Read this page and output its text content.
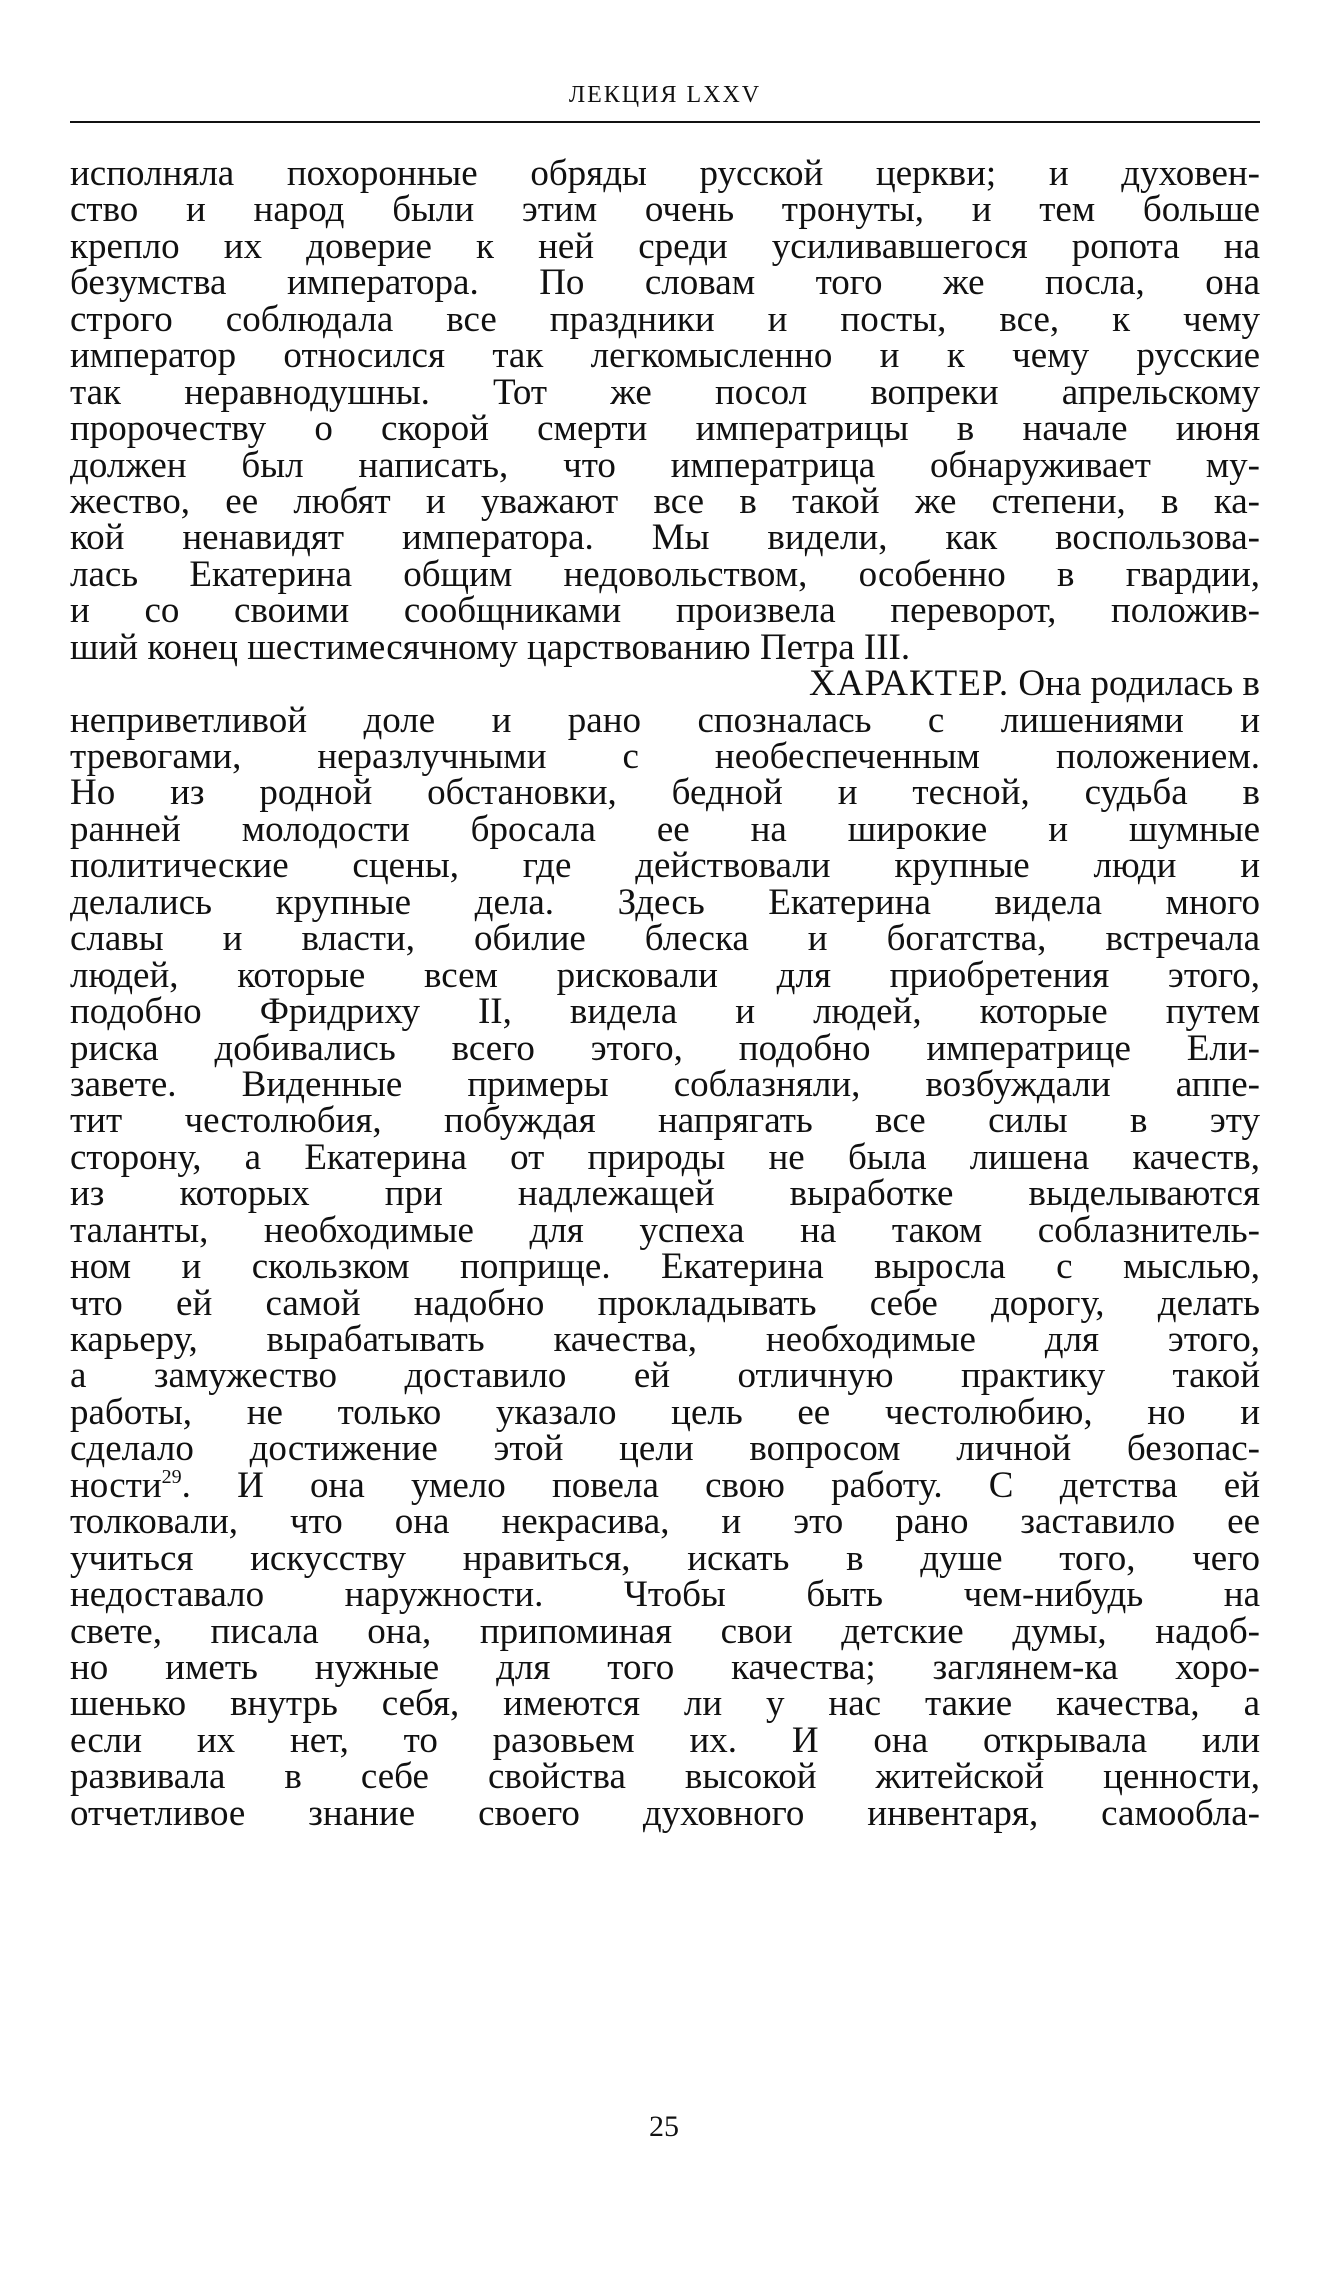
ЛЕКЦИЯ LXXV
исполняла похоронные обряды русской церкви; и духовен-
ство и народ были этим очень тронуты, и тем больше
крепло их доверие к ней среди усиливавшегося ропота на
безумства императора. По словам того же посла, она
строго соблюдала все праздники и посты, все, к чему
император относился так легкомысленно и к чему русские
так неравнодушны. Тот же посол вопреки апрельскому
пророчеству о скорой смерти императрицы в начале июня
должен был написать, что императрица обнаруживает му-
жество, ее любят и уважают все в такой же степени, в ка-
кой ненавидят императора. Мы видели, как воспользова-
лась Екатерина общим недовольством, особенно в гвардии,
и со своими сообщниками произвела переворот, положив-
ший конец шестимесячному царствованию Петра III.
ХАРАКТЕР. Она родилась в
неприветливой доле и рано спозналась с лишениями и
тревогами, неразлучными с необеспеченным положением.
Но из родной обстановки, бедной и тесной, судьба в
ранней молодости бросала ее на широкие и шумные
политические сцены, где действовали крупные люди и
делались крупные дела. Здесь Екатерина видела много
славы и власти, обилие блеска и богатства, встречала
людей, которые всем рисковали для приобретения этого,
подобно Фридриху II, видела и людей, которые путем
риска добивались всего этого, подобно императрице Ели-
завете. Виденные примеры соблазняли, возбуждали аппе-
тит честолюбия, побуждая напрягать все силы в эту
сторону, а Екатерина от природы не была лишена качеств,
из которых при надлежащей выработке выделываются
таланты, необходимые для успеха на таком соблазнитель-
ном и скользком поприще. Екатерина выросла с мыслью,
что ей самой надобно прокладывать себе дорогу, делать
карьеру, вырабатывать качества, необходимые для этого,
а замужество доставило ей отличную практику такой
работы, не только указало цель ее честолюбию, но и
сделало достижение этой цели вопросом личной безопас-
ности$^{29}$. И она умело повела свою работу. С детства ей
толковали, что она некрасива, и это рано заставило ее
учиться искусству нравиться, искать в душе того, чего
недоставало наружности. Чтобы быть чем-нибудь на
свете, писала она, припоминая свои детские думы, надоб-
но иметь нужные для того качества; заглянем-ка хоро-
шенько внутрь себя, имеются ли у нас такие качества, а
если их нет, то разовьем их. И она открывала или
развивала в себе свойства высокой житейской ценности,
отчетливое знание своего духовного инвентаря, самообла-
25
